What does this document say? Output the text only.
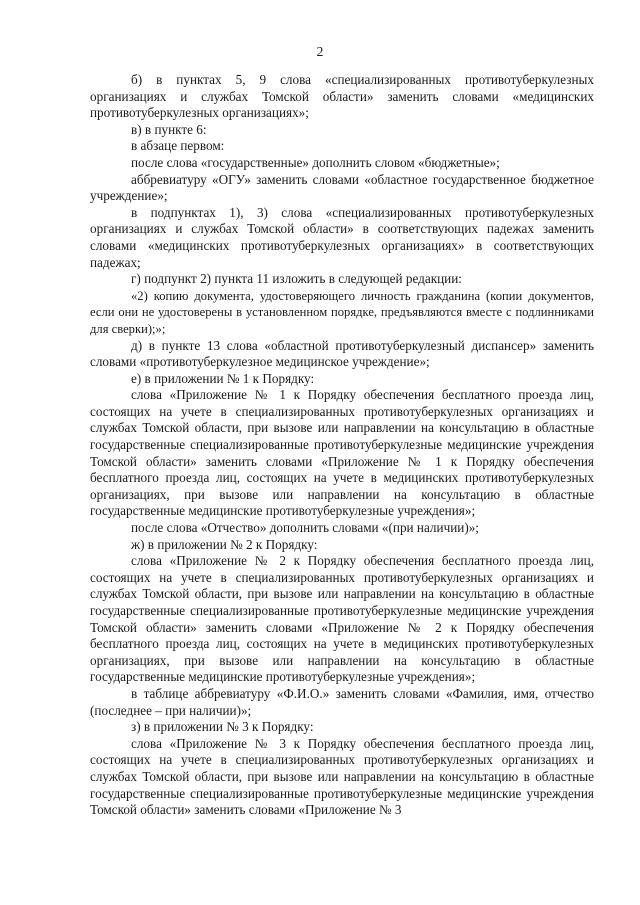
2

б) в пунктах 5, 9 слова «специализированных противотуберкулезных организациях и службах Томской области» заменить словами «медицинских противотуберкулезных организациях»;

в) в пункте 6:

в абзаце первом:

после слова «государственные» дополнить словом «бюджетные»;

аббревиатуру «ОГУ» заменить словами «областное государственное бюджетное учреждение»;

в подпунктах 1), 3) слова «специализированных противотуберкулезных организациях и службах Томской области» в соответствующих падежах заменить словами «медицинских противотуберкулезных организациях» в соответствующих падежах;

г) подпункт 2) пункта 11 изложить в следующей редакции:

«2) копию документа, удостоверяющего личность гражданина (копии документов, если они не удостоверены в установленном порядке, предъявляются вместе с подлинниками для сверки);»;

д) в пункте 13 слова «областной противотуберкулезный диспансер» заменить словами «противотуберкулезное медицинское учреждение»;

е) в приложении № 1 к Порядку:

слова «Приложение № 1 к Порядку обеспечения бесплатного проезда лиц, состоящих на учете в специализированных противотуберкулезных организациях и службах Томской области, при вызове или направлении на консультацию в областные государственные специализированные противотуберкулезные медицинские учреждения Томской области» заменить словами «Приложение № 1 к Порядку обеспечения бесплатного проезда лиц, состоящих на учете в медицинских противотуберкулезных организациях, при вызове или направлении на консультацию в областные государственные медицинские противотуберкулезные учреждения»;

после слова «Отчество» дополнить словами «(при наличии)»;

ж) в приложении № 2 к Порядку:

слова «Приложение № 2 к Порядку обеспечения бесплатного проезда лиц, состоящих на учете в специализированных противотуберкулезных организациях и службах Томской области, при вызове или направлении на консультацию в областные государственные специализированные противотуберкулезные медицинские учреждения Томской области» заменить словами «Приложение № 2 к Порядку обеспечения бесплатного проезда лиц, состоящих на учете в медицинских противотуберкулезных организациях, при вызове или направлении на консультацию в областные государственные медицинские противотуберкулезные учреждения»;

в таблице аббревиатуру «Ф.И.О.» заменить словами «Фамилия, имя, отчество (последнее – при наличии)»;

з) в приложении № 3 к Порядку:

слова «Приложение № 3 к Порядку обеспечения бесплатного проезда лиц, состоящих на учете в специализированных противотуберкулезных организациях и службах Томской области, при вызове или направлении на консультацию в областные государственные специализированные противотуберкулезные медицинские учреждения Томской области» заменить словами «Приложение № 3
